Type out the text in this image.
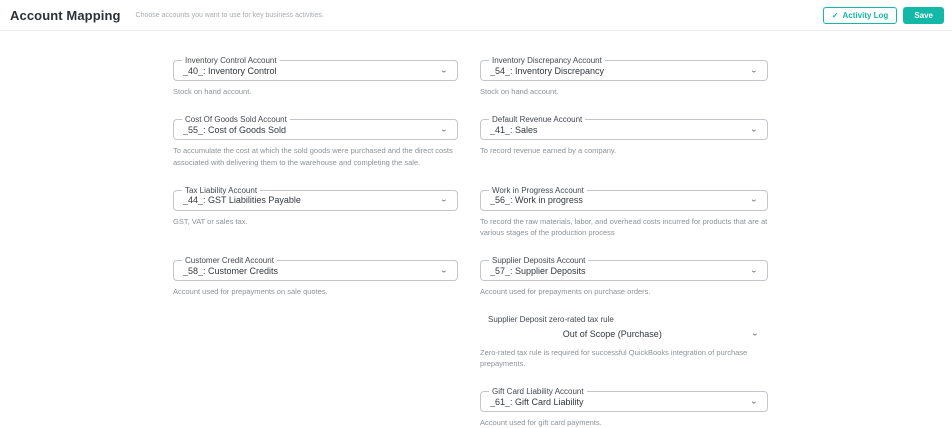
Account Mapping Choose accounts you want to use for key business activities.	✓ Activity Log	Save
Inventory Control Account
_40_: Inventory Control	⌄
Stock on hand account.
Inventory Discrepancy Account
_54_: Inventory Discrepancy	⌄
Stock on hand account.
Cost Of Goods Sold Account
_55_: Cost of Goods Sold	⌄
To accumulate the cost at which the sold goods were purchased and the direct costs associated with delivering them to the warehouse and completing the sale.
Default Revenue Account
_41_: Sales	⌄
To record revenue earned by a company.
Tax Liability Account
_44_: GST Liabilities Payable	⌄
GST, VAT or sales tax.
Work in Progress Account
_56_: Work in progress	⌄
To record the raw materials, labor, and overhead costs incurred for products that are at various stages of the production process
Customer Credit Account
_58_: Customer Credits	⌄
Account used for prepayments on sale quotes.
Supplier Deposits Account
_57_: Supplier Deposits	⌄
Account used for prepayments on purchase orders.
Supplier Deposit zero-rated tax rule
Out of Scope (Purchase)	⌄
Zero-rated tax rule is required for successful QuickBooks integration of purchase prepayments.
Gift Card Liability Account
_61_: Gift Card Liability	⌄
Account used for gift card payments.
